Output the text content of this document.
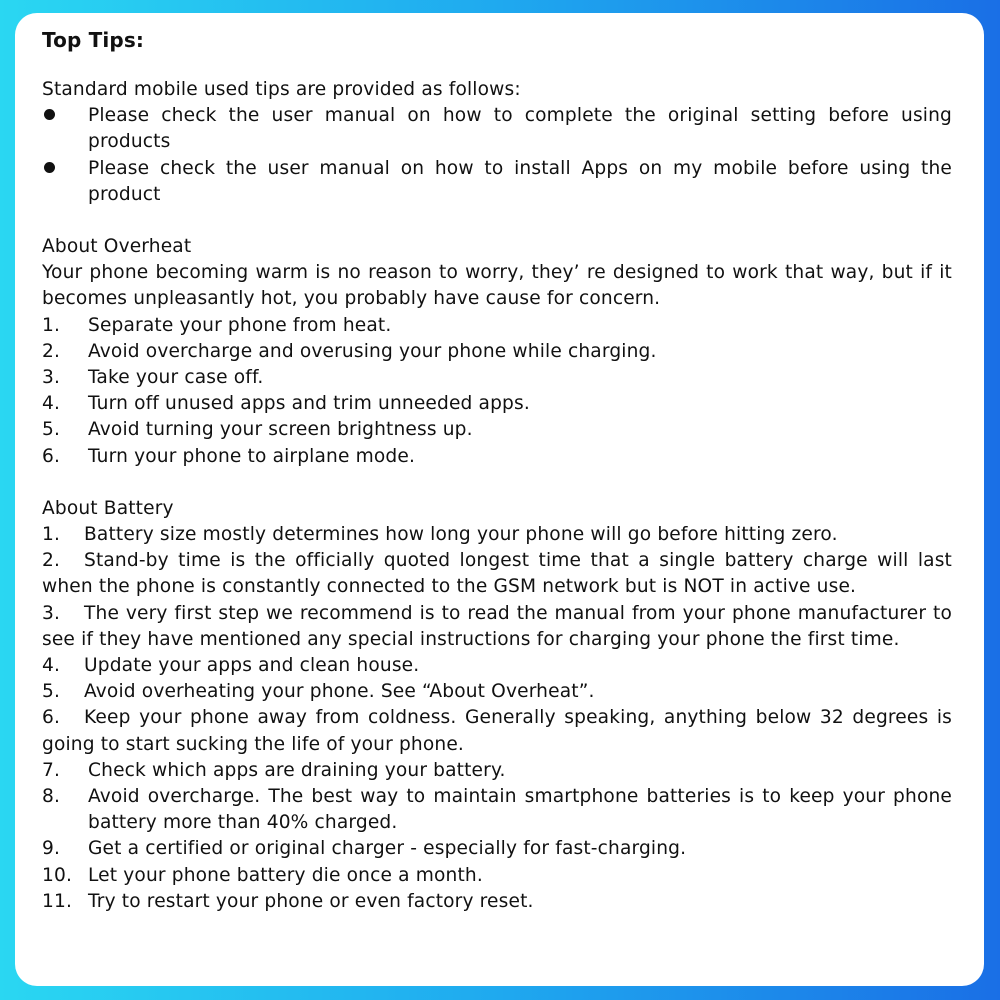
Top Tips:
Standard mobile used tips are provided as follows:
Please check the user manual on how to complete the original setting before using products
Please check the user manual on how to install Apps on my mobile before using the product
About Overheat

Your phone becoming warm is no reason to worry, they’ re designed to work that way, but if it becomes unpleasantly hot, you probably have cause for concern.

1.	Separate your phone from heat.
2.	Avoid overcharge and overusing your phone while charging.
3.	Take your case off.
4.	Turn off unused apps and trim unneeded apps.
5.	Avoid turning your screen brightness up.
6.	Turn your phone to airplane mode.
About Battery
1. Battery size mostly determines how long your phone will go before hitting zero.
2. Stand-by time is the officially quoted longest time that a single battery charge will last when the phone is constantly connected to the GSM network but is NOT in active use.
3. The very first step we recommend is to read the manual from your phone manufacturer to see if they have mentioned any special instructions for charging your phone the first time.
4. Update your apps and clean house.
5. Avoid overheating your phone. See “About Overheat”.
6. Keep your phone away from coldness. Generally speaking, anything below 32 degrees is going to start sucking the life of your phone.
7.	Check which apps are draining your battery.
8.	Avoid overcharge. The best way to maintain smartphone batteries is to keep your phone battery more than 40% charged.
9.	Get a certified or original charger - especially for fast-charging.
10. Let your phone battery die once a month.
11. Try to restart your phone or even factory reset.
